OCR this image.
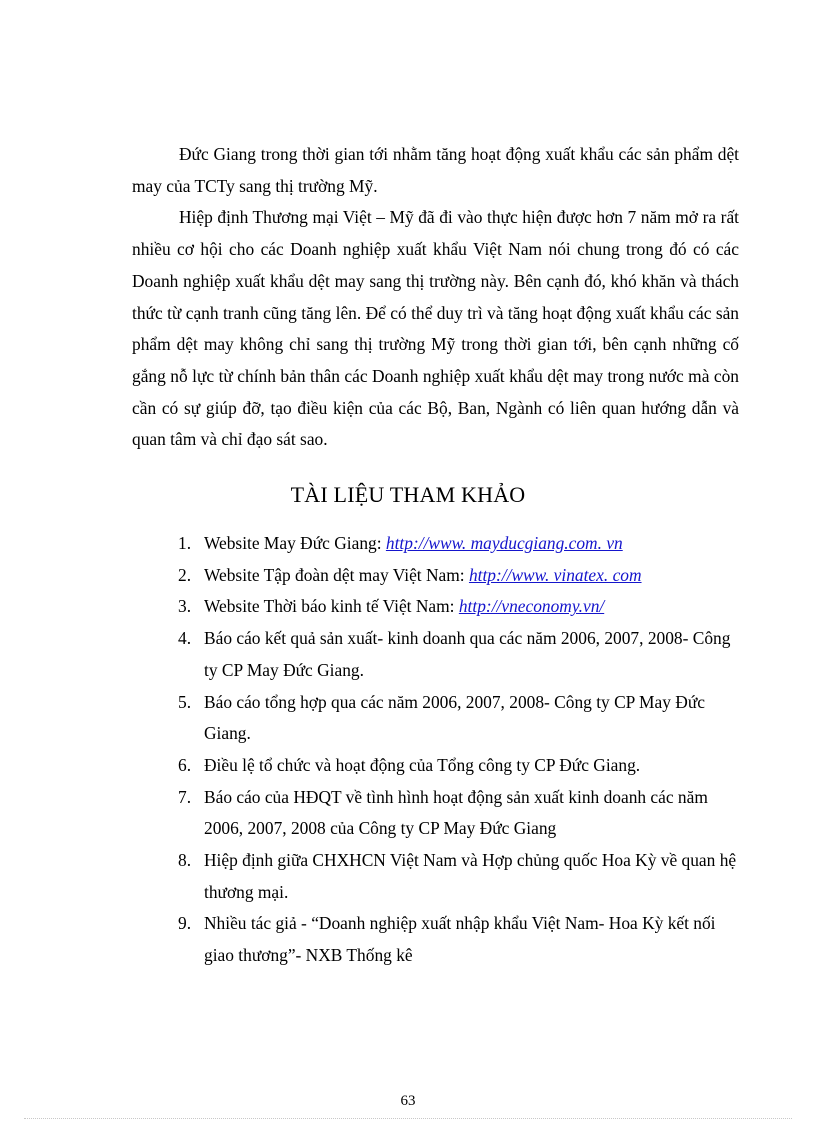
Đức Giang trong thời gian tới nhằm tăng hoạt động xuất khẩu các sản phẩm dệt may của TCTy sang thị trường Mỹ.

Hiệp định Thương mại Việt – Mỹ đã đi vào thực hiện được hơn 7 năm mở ra rất nhiều cơ hội cho các Doanh nghiệp xuất khẩu Việt Nam nói chung trong đó có các Doanh nghiệp xuất khẩu dệt may sang thị trường này. Bên cạnh đó, khó khăn và thách thức từ cạnh tranh cũng tăng lên. Để có thể duy trì và tăng hoạt động xuất khẩu các sản phẩm dệt may không chỉ sang thị trường Mỹ trong thời gian tới, bên cạnh những cố gắng nỗ lực từ chính bản thân các Doanh nghiệp xuất khẩu dệt may trong nước mà còn cần có sự giúp đỡ, tạo điều kiện của các Bộ, Ban, Ngành có liên quan hướng dẫn và quan tâm và chỉ đạo sát sao.

TÀI LIỆU THAM KHẢO
1. Website May Đức Giang: http://www. mayducgiang.com. vn
2. Website Tập đoàn dệt may Việt Nam: http://www. vinatex. com
3. Website Thời báo kinh tế Việt Nam: http://vneconomy.vn/
4. Báo cáo kết quả sản xuất- kinh doanh qua các năm 2006, 2007, 2008- Công ty CP May Đức Giang.
5. Báo cáo tổng hợp qua các năm 2006, 2007, 2008- Công ty CP May Đức Giang.
6. Điều lệ tổ chức và hoạt động của Tổng công ty CP Đức Giang.
7. Báo cáo của HĐQT về tình hình hoạt động sản xuất kinh doanh các năm 2006, 2007, 2008 của Công ty CP May Đức Giang
8. Hiệp định giữa CHXHCN Việt Nam và Hợp chủng quốc Hoa Kỳ về quan hệ thương mại.
9. Nhiều tác giả - “Doanh nghiệp xuất nhập khẩu Việt Nam- Hoa Kỳ kết nối giao thương”- NXB Thống kê
63
